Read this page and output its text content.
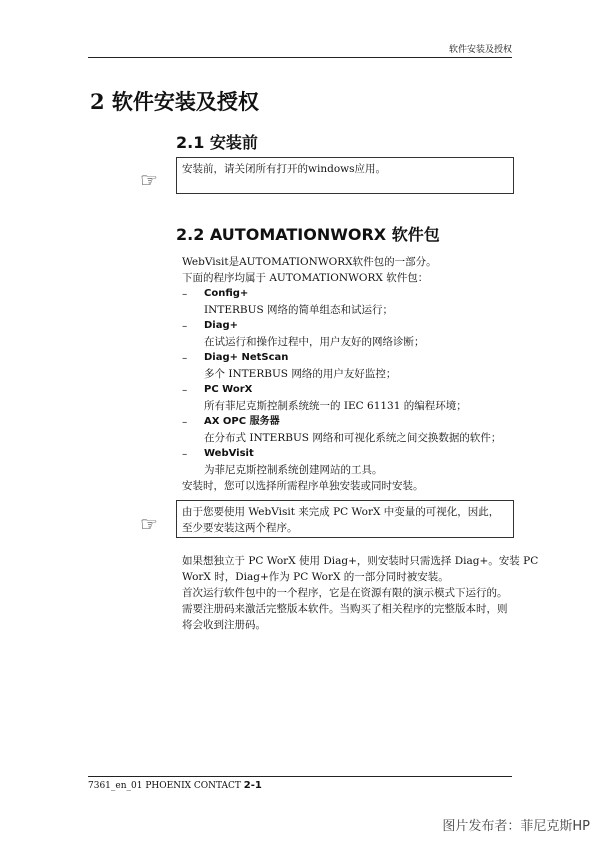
软件安装及授权
2 软件安装及授权
2.1 安装前
☞	安装前，请关闭所有打开的windows应用。
2.2 AUTOMATIONWORX 软件包
WebVisit是AUTOMATIONWORX软件包的一部分。
下面的程序均属于 AUTOMATIONWORX 软件包：
– Config+
INTERBUS 网络的简单组态和试运行；
– Diag+
在试运行和操作过程中，用户友好的网络诊断；
– Diag+ NetScan
多个 INTERBUS 网络的用户友好监控；
– PC WorX
所有菲尼克斯控制系统统一的 IEC 61131 的编程环境；
– AX OPC 服务器
在分布式 INTERBUS 网络和可视化系统之间交换数据的软件；
– WebVisit
为菲尼克斯控制系统创建网站的工具。
安装时，您可以选择所需程序单独安装或同时安装。
☞	由于您要使用 WebVisit 来完成 PC WorX 中变量的可视化，因此，至少要安装这两个程序。
如果想独立于 PC WorX 使用 Diag+，则安装时只需选择 Diag+。安装 PC
WorX 时，Diag+作为 PC WorX 的一部分同时被安装。
首次运行软件包中的一个程序，它是在资源有限的演示模式下运行的。
需要注册码来激活完整版本软件。当购买了相关程序的完整版本时，则
将会收到注册码。
7361_en_01 PHOENIX CONTACT 2-1
图片发布者：菲尼克斯HP
